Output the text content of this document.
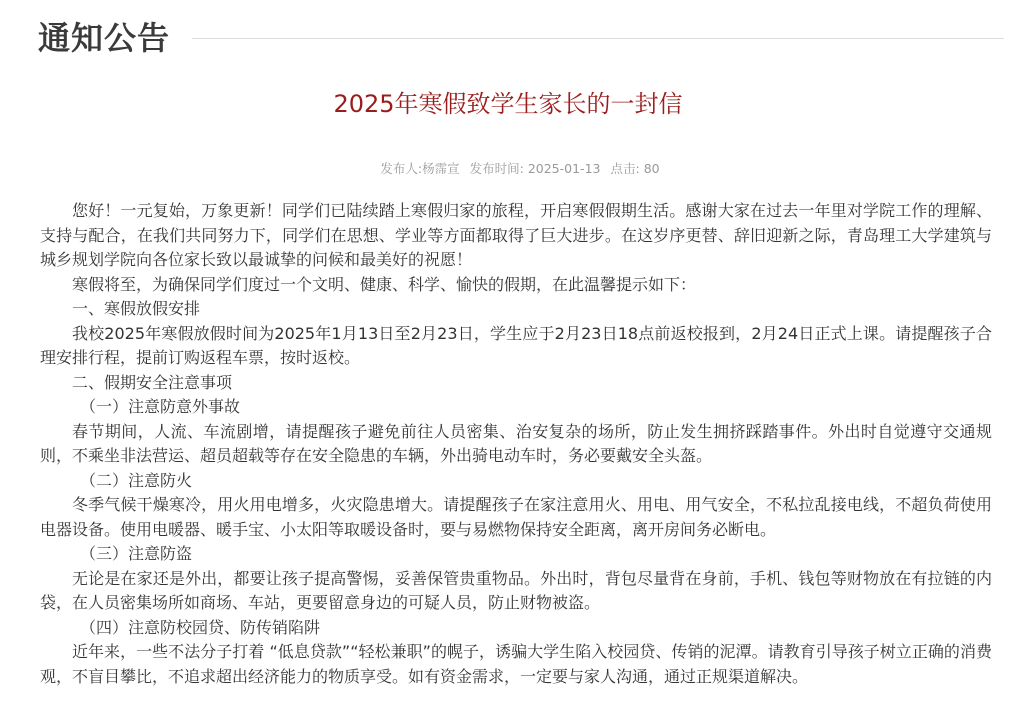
通知公告
2025年寒假致学生家长的一封信
发布人:杨霈宣 发布时间: 2025-01-13 点击: 80

您好！一元复始，万象更新！同学们已陆续踏上寒假归家的旅程，开启寒假假期生活。感谢大家在过去一年里对学院工作的理解、支持与配合，在我们共同努力下，同学们在思想、学业等方面都取得了巨大进步。在这岁序更替、辞旧迎新之际，青岛理工大学建筑与城乡规划学院向各位家长致以最诚挚的问候和最美好的祝愿！

寒假将至，为确保同学们度过一个文明、健康、科学、愉快的假期，在此温馨提示如下：

一、寒假放假安排

我校2025年寒假放假时间为2025年1月13日至2月23日，学生应于2月23日18点前返校报到，2月24日正式上课。请提醒孩子合理安排行程，提前订购返程车票，按时返校。

二、假期安全注意事项

（一）注意防意外事故

春节期间，人流、车流剧增，请提醒孩子避免前往人员密集、治安复杂的场所，防止发生拥挤踩踏事件。外出时自觉遵守交通规则，不乘坐非法营运、超员超载等存在安全隐患的车辆，外出骑电动车时，务必要戴安全头盔。

（二）注意防火

冬季气候干燥寒冷，用火用电增多，火灾隐患增大。请提醒孩子在家注意用火、用电、用气安全，不私拉乱接电线，不超负荷使用电器设备。使用电暖器、暖手宝、小太阳等取暖设备时，要与易燃物保持安全距离，离开房间务必断电。

（三）注意防盗

无论是在家还是外出，都要让孩子提高警惕，妥善保管贵重物品。外出时，背包尽量背在身前，手机、钱包等财物放在有拉链的内袋，在人员密集场所如商场、车站，更要留意身边的可疑人员，防止财物被盗。

（四）注意防校园贷、防传销陷阱

近年来，一些不法分子打着 “低息贷款”“轻松兼职”的幌子，诱骗大学生陷入校园贷、传销的泥潭。请教育引导孩子树立正确的消费观，不盲目攀比，不追求超出经济能力的物质享受。如有资金需求，一定要与家人沟通，通过正规渠道解决。
